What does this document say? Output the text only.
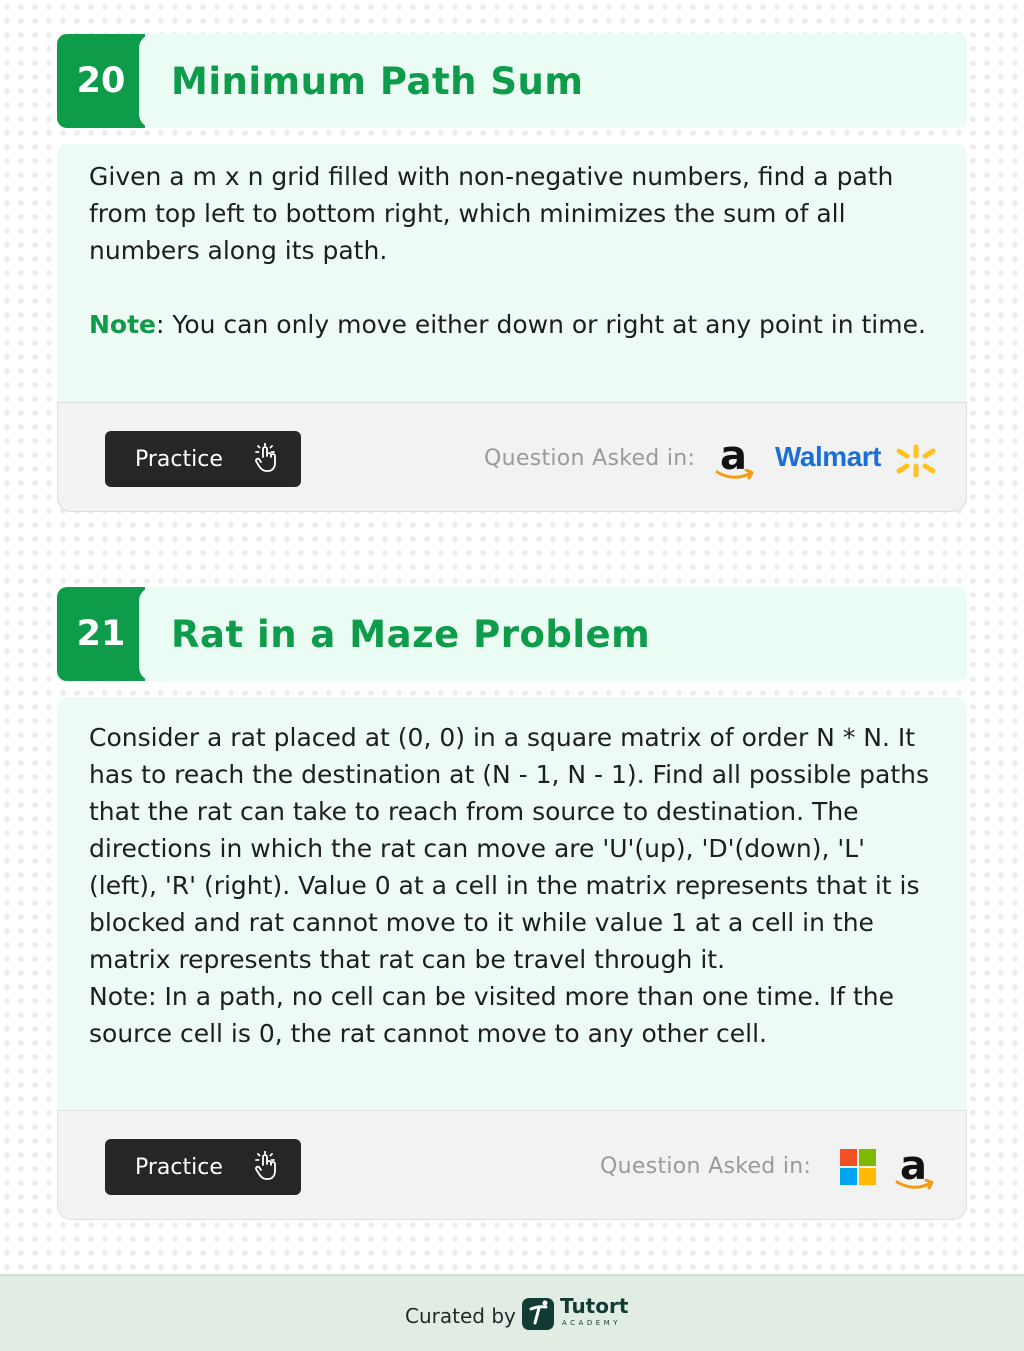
20	Minimum Path Sum

Given a m x n grid filled with non-negative numbers, find a path from top left to bottom right, which minimizes the sum of all numbers along its path.

Note: You can only move either down or right at any point in time.

Practice	Question Asked in: a Walmart
21	Rat in a Maze Problem

Consider a rat placed at (0, 0) in a square matrix of order N * N. It has to reach the destination at (N - 1, N - 1). Find all possible paths that the rat can take to reach from source to destination. The directions in which the rat can move are 'U'(up), 'D'(down), 'L' (left), 'R' (right). Value 0 at a cell in the matrix represents that it is blocked and rat cannot move to it while value 1 at a cell in the matrix represents that rat can be travel through it.

Note: In a path, no cell can be visited more than one time. If the source cell is 0, the rat cannot move to any other cell.

Practice	Question Asked in: a
Curated by Tutort
ACADEMY
